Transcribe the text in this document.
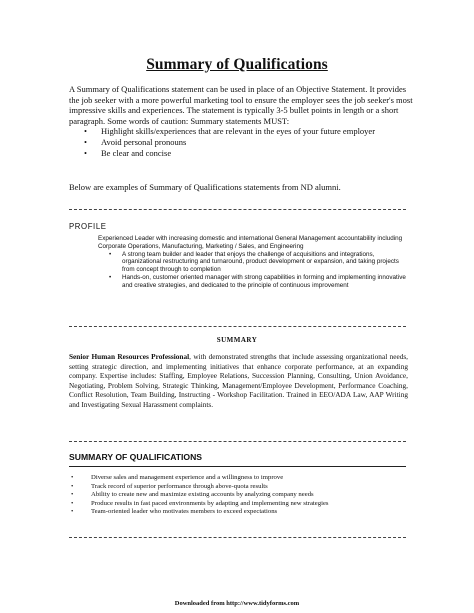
Summary of Qualifications
A Summary of Qualifications statement can be used in place of an Objective Statement. It provides the job seeker with a more powerful marketing tool to ensure the employer sees the job seeker's most impressive skills and experiences. The statement is typically 3-5 bullet points in length or a short paragraph. Some words of caution: Summary statements MUST:
• Highlight skills/experiences that are relevant in the eyes of your future employer
• Avoid personal pronouns
• Be clear and concise
Below are examples of Summary of Qualifications statements from ND alumni.
PROFILE
Experienced Leader with increasing domestic and international General Management accountability including Corporate Operations, Manufacturing, Marketing / Sales, and Engineering
• A strong team builder and leader that enjoys the challenge of acquisitions and integrations, organizational restructuring and turnaround, product development or expansion, and taking projects from concept through to completion
• Hands-on, customer oriented manager with strong capabilities in forming and implementing innovative and creative strategies, and dedicated to the principle of continuous improvement
SUMMARY
Senior Human Resources Professional, with demonstrated strengths that include assessing organizational needs, setting strategic direction, and implementing initiatives that enhance corporate performance, at an expanding company. Expertise includes: Staffing, Employee Relations, Succession Planning, Consulting, Union Avoidance, Negotiating, Problem Solving, Strategic Thinking, Management/Employee Development, Performance Coaching, Conflict Resolution, Team Building, Instructing - Workshop Facilitation. Trained in EEO/ADA Law, AAP Writing and Investigating Sexual Harassment complaints.
SUMMARY OF QUALIFICATIONS
•	Diverse sales and management experience and a willingness to improve
•	Track record of superior performance through above-quota results
•	Ability to create new and maximize existing accounts by analyzing company needs
•	Produce results in fast paced environments by adapting and implementing new strategies
•	Team-oriented leader who motivates members to exceed expectations
Downloaded from http://www.tidyforms.com
